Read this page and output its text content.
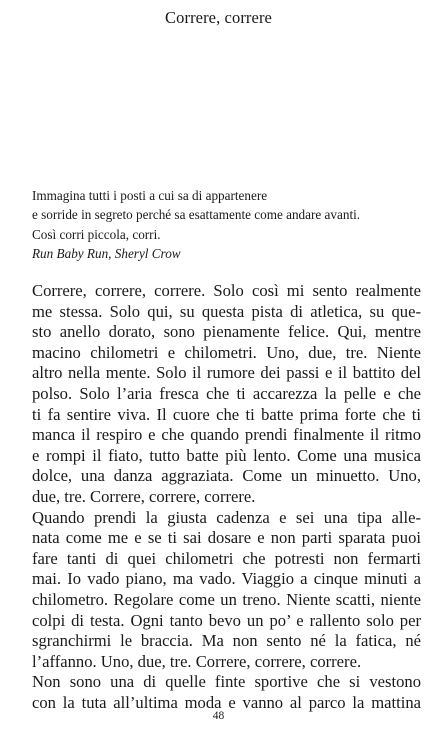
Correre, correre
Immagina tutti i posti a cui sa di appartenere
e sorride in segreto perché sa esattamente come andare avanti.
Così corri piccola, corri.
Run Baby Run, Sheryl Crow
Correre, correre, correre. Solo così mi sento realmente
me stessa. Solo qui, su questa pista di atletica, su que-
sto anello dorato, sono pienamente felice. Qui, mentre
macino chilometri e chilometri. Uno, due, tre. Niente
altro nella mente. Solo il rumore dei passi e il battito del
polso. Solo l’aria fresca che ti accarezza la pelle e che
ti fa sentire viva. Il cuore che ti batte prima forte che ti
manca il respiro e che quando prendi finalmente il ritmo
e rompi il fiato, tutto batte più lento. Come una musica
dolce, una danza aggraziata. Come un minuetto. Uno,
due, tre. Correre, correre, correre.
Quando prendi la giusta cadenza e sei una tipa alle-
nata come me e se ti sai dosare e non parti sparata puoi
fare tanti di quei chilometri che potresti non fermarti
mai. Io vado piano, ma vado. Viaggio a cinque minuti a
chilometro. Regolare come un treno. Niente scatti, niente
colpi di testa. Ogni tanto bevo un po’ e rallento solo per
sgranchirmi le braccia. Ma non sento né la fatica, né
l’affanno. Uno, due, tre. Correre, correre, correre.
Non sono una di quelle finte sportive che si vestono
con la tuta all’ultima moda e vanno al parco la mattina
48
